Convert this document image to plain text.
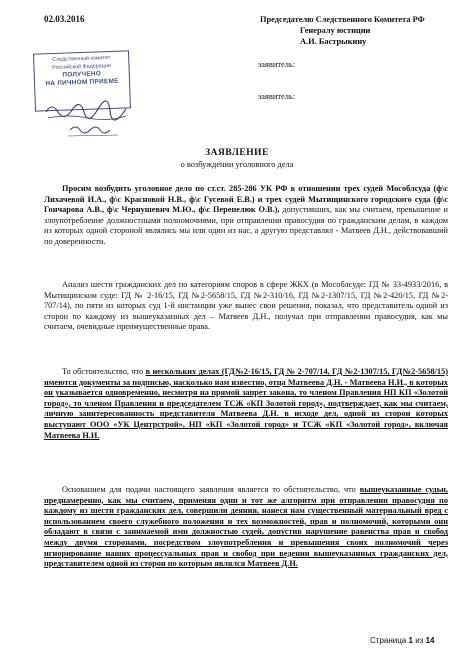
02.03.2016	Председателю Следственного Комитета РФ
Генералу юстиции
А.И. Бастрыкину
заявитель:
заявитель:
Следственный комитет
Российской Федерации
ПОЛУЧЕНО
НА ЛИЧНОМ ПРИЕМЕ
ЗАЯВЛЕНИЕ
о возбуждении уголовного дела

Просим возбудить уголовное дело по ст.ст. 285-286 УК РФ в отношении трех судей Мособлсуда (ф\с Лихачевой И.А., ф\с Красновой Н.В., ф\с Гусевой Е.В.) и трех судей Мытищинского городского суда (ф\с Гончарова А.В., ф\с Чернушевич М.Ю., ф\с Перепелюк О.В.), допустивших, как мы считаем, превышение и злоупотребление должностными полномочиями, при отправлении правосудия по гражданским делам, в каждом из которых одной стороной являлись мы или один из нас, а другую представлял - Матвеев Д.Н., действовавший по доверенности.

Анализ шести гражданских дел по категориям споров в сфере ЖКХ (в Мособлсуде: ГД № 33-4933/2016, в Мытищинском суде: ГД № 2-16/15, ГД №2-5658/15, ГД №2-310/16, ГД №2-1307/15, ГД №2-420/15, ГД №2-707/14), по пяти из которых суд 1-й инстанции уже вынес свои решения, показал, что представитель одной из сторон по каждому из вышеуказанных дел – Матвеев Д.Н., получал при отправлении правосудия, как мы считаем, очевидные преимущественные права.

То обстоятельство, что в нескольких делах (ГД№2-16/15, ГД № 2-707/14, ГД №2-1307/15, ГД№2-5658/15) имеются документы за подписью, насколько нам известно, отца Матвеева Д.Н. - Матвеева Н.И., в которых он указывается одновременно, несмотря на прямой запрет закона, то членом Правления НП КП «Золотой город», то членом Правления и председателем ТСЖ «КП Золотой город», подтверждает, как мы считаем, личную заинтересованность представителя Матвеева Д.Н. в исходе дел, одной из сторон которых выступают ООО «УК Центрстрой», НП «КП «Золотой город» и ТСЖ «КП «Золотой город», включая Матвеева Н.И.

Основанием для подачи настоящего заявления является то обстоятельство, что вышеуказанные судьи, преднамеренно, как мы считаем, применяя один и тот же алгоритм при отправлении правосудия по каждому из шести гражданских дел, совершили деяния, нанеся нам существенный материальный вред с использованием своего служебного положения и тех возможностей, прав и полномочий, которыми они обладают в связи с занимаемой ими должностью судей, допустив нарушение равенства прав и свобод между двумя сторонами, посредством злоупотребления и превышения своих полномочий через игнорирование наших процессуальных прав и свобод при ведении вышеуказанных гражданских дел, представителем одной из сторон по которым являлся Матвеев Д.Н.

Страница 1 из 14
